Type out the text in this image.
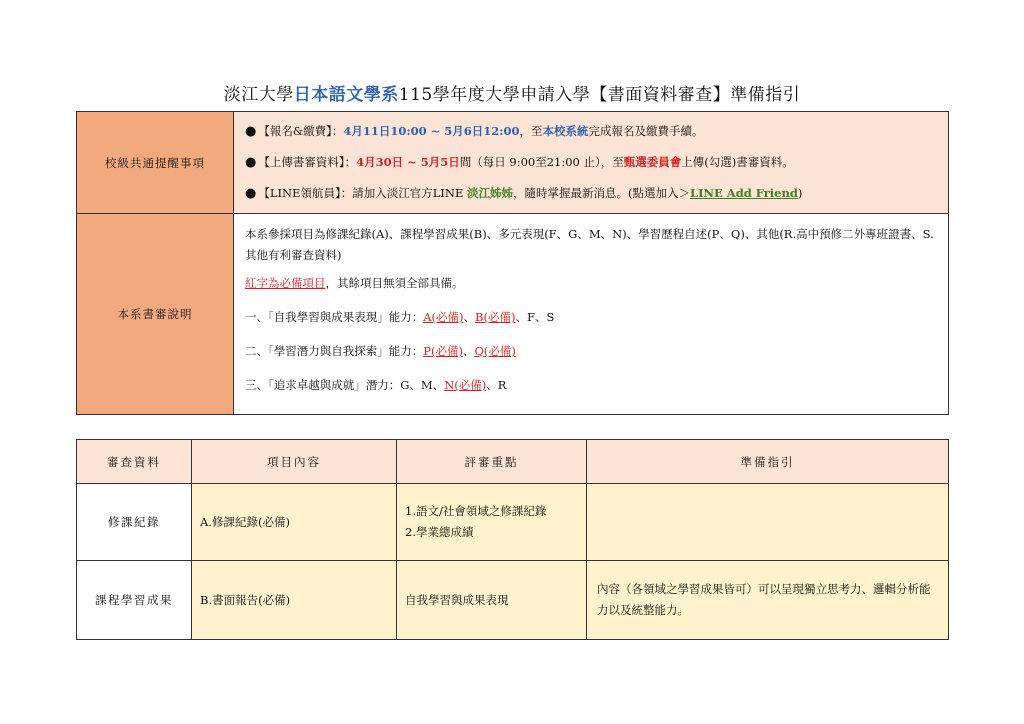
淡江大學日本語文學系115學年度大學申請入學【書面資料審查】準備指引
校級共通提醒事項	● 【報名&繳費】：4月11日10:00 ~ 5月6日12:00，至本校系統完成報名及繳費手續。

● 【上傳書審資料】：4月30日 ~ 5月5日間（每日 9:00至21:00 止），至甄選委員會上傳(勾選)書審資料。

● 【LINE領航員】：請加入淡江官方LINE 淡江姊姊，隨時掌握最新消息。(點選加入＞LINE Add Friend)

本系書審說明	本系參採項目為修課紀錄(A)、課程學習成果(B)、多元表現(F、G、M、N)、學習歷程自述(P、Q)、其他(R.高中預修二外專班證書、S.其他有利審查資料)

紅字為必備項目，其餘項目無須全部具備。

一、「自我學習與成果表現」能力：A(必備)、B(必備)、F、S

二、「學習潛力與自我探索」能力：P(必備)、Q(必備)

三、「追求卓越與成就」潛力：G、M、N(必備)、R

審查資料	項目內容	評審重點	準備指引
修課紀錄	A.修課紀錄(必備)	1.語文/社會領域之修課紀錄

2.學業總成績	

課程學習成果	B.書面報告(必備)	自我學習與成果表現	內容（各領域之學習成果皆可）可以呈現獨立思考力、邏輯分析能力以及統整能力。
